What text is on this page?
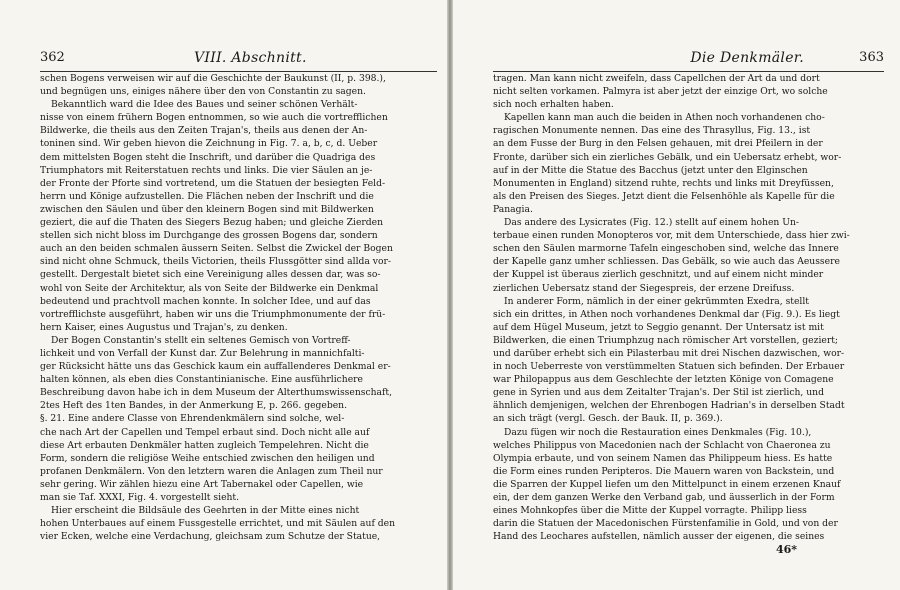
362	VIII. Abschnitt.
schen Bogens verweisen wir auf die Geschichte der Baukunst (II, p. 398.),
und begnügen uns, einiges nähere über den von Constantin zu sagen.
Bekanntlich ward die Idee des Baues und seiner schönen Verhält-
nisse von einem frühern Bogen entnommen, so wie auch die vortrefflichen
Bildwerke, die theils aus den Zeiten Trajan's, theils aus denen der An-
toninen sind. Wir geben hievon die Zeichnung in Fig. 7. a, b, c, d. Ueber
dem mittelsten Bogen steht die Inschrift, und darüber die Quadriga des
Triumphators mit Reiterstatuen rechts und links. Die vier Säulen an je-
der Fronte der Pforte sind vortretend, um die Statuen der besiegten Feld-
herrn und Könige aufzustellen. Die Flächen neben der Inschrift und die
zwischen den Säulen und über den kleinern Bogen sind mit Bildwerken
geziert, die auf die Thaten des Siegers Bezug haben; und gleiche Zierden
stellen sich nicht bloss im Durchgange des grossen Bogens dar, sondern
auch an den beiden schmalen äussern Seiten. Selbst die Zwickel der Bogen
sind nicht ohne Schmuck, theils Victorien, theils Flussgötter sind allda vor-
gestellt. Dergestalt bietet sich eine Vereinigung alles dessen dar, was so-
wohl von Seite der Architektur, als von Seite der Bildwerke ein Denkmal
bedeutend und prachtvoll machen konnte. In solcher Idee, und auf das
vortrefflichste ausgeführt, haben wir uns die Triumphmonumente der frü-
hern Kaiser, eines Augustus und Trajan's, zu denken.
Der Bogen Constantin's stellt ein seltenes Gemisch von Vortreff-
lichkeit und von Verfall der Kunst dar. Zur Belehrung in mannichfalti-
ger Rücksicht hätte uns das Geschick kaum ein auffallenderes Denkmal er-
halten können, als eben dies Constantinianische. Eine ausführlichere
Beschreibung davon habe ich in dem Museum der Alterthumswissenschaft,
2tes Heft des 1ten Bandes, in der Anmerkung E, p. 266. gegeben.
§. 21. Eine andere Classe von Ehrendenkmälern sind solche, wel-
che nach Art der Capellen und Tempel erbaut sind. Doch nicht alle auf
diese Art erbauten Denkmäler hatten zugleich Tempelehren. Nicht die
Form, sondern die religiöse Weihe entschied zwischen den heiligen und
profanen Denkmälern. Von den letztern waren die Anlagen zum Theil nur
sehr gering. Wir zählen hiezu eine Art Tabernakel oder Capellen, wie
man sie Taf. XXXI, Fig. 4. vorgestellt sieht.
Hier erscheint die Bildsäule des Geehrten in der Mitte eines nicht
hohen Unterbaues auf einem Fussgestelle errichtet, und mit Säulen auf den
vier Ecken, welche eine Verdachung, gleichsam zum Schutze der Statue,
Die Denkmäler.	363
tragen. Man kann nicht zweifeln, dass Capellchen der Art da und dort
nicht selten vorkamen. Palmyra ist aber jetzt der einzige Ort, wo solche
sich noch erhalten haben.
Kapellen kann man auch die beiden in Athen noch vorhandenen cho-
ragischen Monumente nennen. Das eine des Thrasyllus, Fig. 13., ist
an dem Fusse der Burg in den Felsen gehauen, mit drei Pfeilern in der
Fronte, darüber sich ein zierliches Gebälk, und ein Uebersatz erhebt, wor-
auf in der Mitte die Statue des Bacchus (jetzt unter den Elginschen
Monumenten in England) sitzend ruhte, rechts und links mit Dreyfüssen,
als den Preisen des Sieges. Jetzt dient die Felsenhöhle als Kapelle für die
Panagia.
Das andere des Lysicrates (Fig. 12.) stellt auf einem hohen Un-
terbaue einen runden Monopteros vor, mit dem Unterschiede, dass hier zwi-
schen den Säulen marmorne Tafeln eingeschoben sind, welche das Innere
der Kapelle ganz umher schliessen. Das Gebälk, so wie auch das Aeussere
der Kuppel ist überaus zierlich geschnitzt, und auf einem nicht minder
zierlichen Uebersatz stand der Siegespreis, der erzene Dreifuss.
In anderer Form, nämlich in der einer gekrümmten Exedra, stellt
sich ein drittes, in Athen noch vorhandenes Denkmal dar (Fig. 9.). Es liegt
auf dem Hügel Museum, jetzt to Seggio genannt. Der Untersatz ist mit
Bildwerken, die einen Triumphzug nach römischer Art vorstellen, geziert;
und darüber erhebt sich ein Pilasterbau mit drei Nischen dazwischen, wor-
in noch Ueberreste von verstümmelten Statuen sich befinden. Der Erbauer
war Philopappus aus dem Geschlechte der letzten Könige von Comagene
gene in Syrien und aus dem Zeitalter Trajan's. Der Stil ist zierlich, und
ähnlich demjenigen, welchen der Ehrenbogen Hadrian's in derselben Stadt
an sich trägt (vergl. Gesch. der Bauk. II, p. 369.).
Dazu fügen wir noch die Restauration eines Denkmales (Fig. 10.),
welches Philippus von Macedonien nach der Schlacht von Chaeronea zu
Olympia erbaute, und von seinem Namen das Philippeum hiess. Es hatte
die Form eines runden Peripteros. Die Mauern waren von Backstein, und
die Sparren der Kuppel liefen um den Mittelpunct in einem erzenen Knauf
ein, der dem ganzen Werke den Verband gab, und äusserlich in der Form
eines Mohnkopfes über die Mitte der Kuppel vorragte. Philipp liess
darin die Statuen der Macedonischen Fürstenfamilie in Gold, und von der
Hand des Leochares aufstellen, nämlich ausser der eigenen, die seines
46*
